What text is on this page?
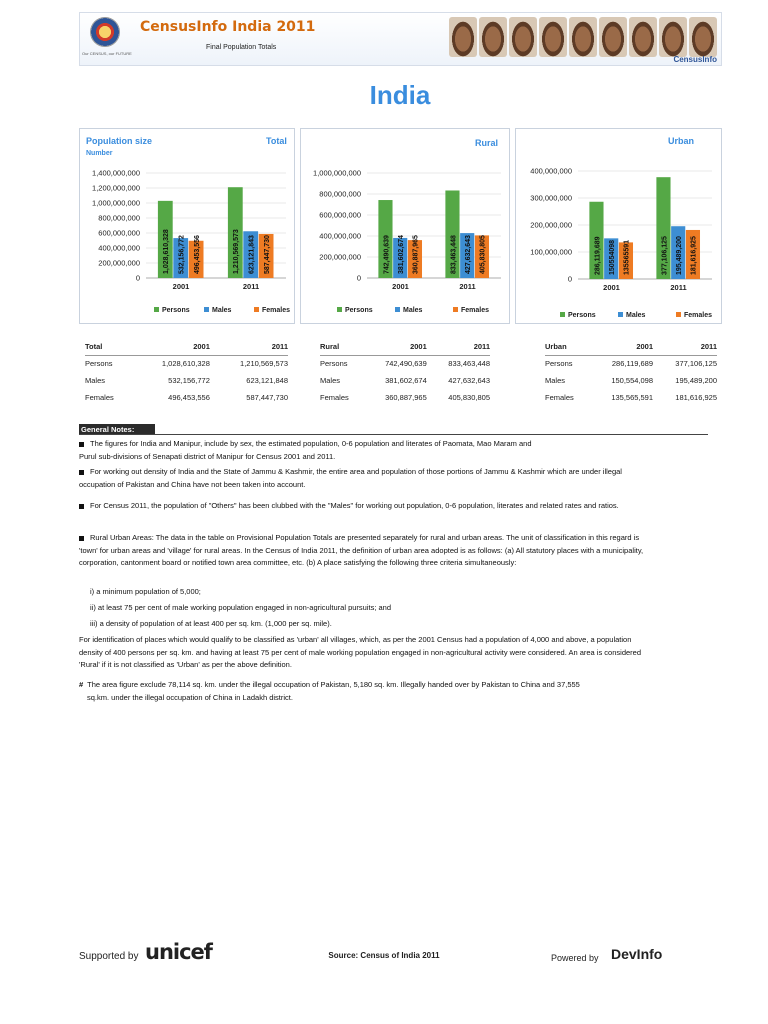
Our CENSUS, our FUTURE
CensusInfo India 2011
Final Population Totals
CensusInfo
India
Population size
Number
Total
0
200,000,000
400,000,000
600,000,000
800,000,000
1,000,000,000
1,200,000,000
1,400,000,000
1,028,610,328 532,156,772 496,453,556
2001
1,210,569,573 623,121,843 587,447,730
2011
Persons	Males	Females
Rural
0
200,000,000
400,000,000
600,000,000
800,000,000
1,000,000,000
742,490,639 381,602,674 360,887,965
2001
833,463,448 427,632,643 405,830,805
2011
Persons	Males	Females
Urban
0
100,000,000
200,000,000
300,000,000
400,000,000
286,119,689 150554098 135565591
2001
377,106,125 195,489,200 181,616,925
2011
Persons	Males	Females
Total	2001	2011
Persons	1,028,610,328	1,210,569,573
Males	532,156,772	623,121,848
Females	496,453,556	587,447,730
Rural	2001	2011
Persons	742,490,639	833,463,448
Males	381,602,674	427,632,643
Females	360,887,965	405,830,805
Urban	2001	2011
Persons	286,119,689	377,106,125
Males	150,554,098	195,489,200
Females	135,565,591	181,616,925
General Notes:
The figures for India and Manipur, include by sex, the estimated population, 0-6 population and literates of Paomata, Mao Maram and
Purul sub-divisions of Senapati district of Manipur for Census 2001 and 2011.
For working out density of India and the State of Jammu & Kashmir, the entire area and population of those portions of Jammu & Kashmir which are under illegal
occupation of Pakistan and China have not been taken into account.
For Census 2011, the population of "Others" has been clubbed with the "Males" for working out population, 0-6 population, literates and related rates and ratios.
Rural Urban Areas: The data in the table on Provisional Population Totals are presented separately for rural and urban areas. The unit of classification in this regard is
'town' for urban areas and 'village' for rural areas. In the Census of India 2011, the definition of urban area adopted is as follows: (a) All statutory places with a municipality,
corporation, cantonment board or notified town area committee, etc. (b) A place satisfying the following three criteria simultaneously:
i) a minimum population of 5,000;
ii) at least 75 per cent of male working population engaged in non-agricultural pursuits; and
iii) a density of population of at least 400 per sq. km. (1,000 per sq. mile).
For identification of places which would qualify to be classified as 'urban' all villages, which, as per the 2001 Census had a population of 4,000 and above, a population
density of 400 persons per sq. km. and having at least 75 per cent of male working population engaged in non-agricultural activity were considered. An area is considered
'Rural' if it is not classified as 'Urban' as per the above definition.
# The area figure exclude 78,114 sq. km. under the illegal occupation of Pakistan, 5,180 sq. km. Illegally handed over by Pakistan to China and 37,555
sq.km. under the illegal occupation of China in Ladakh district.
Supported by unicef	Source: Census of India 2011	Powered by DevInfo
